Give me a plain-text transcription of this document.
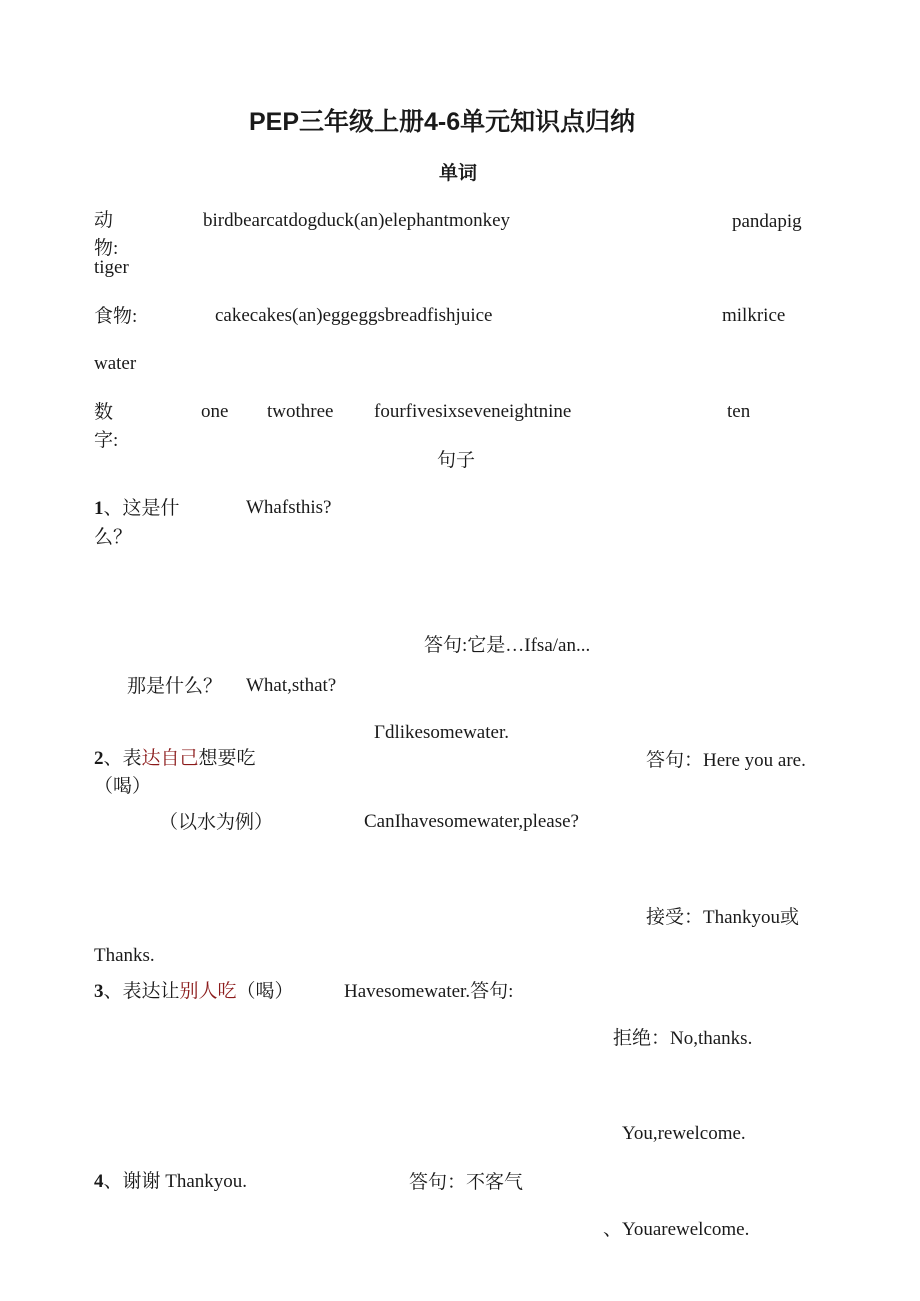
PEP三年级上册4-6单元知识点归纳
单词
动
物:
birdbearcatdogduck(an)elephantmonkey	pandapig
tiger
食物:	cakecakes(an)eggeggsbreadfishjuice	milkrice
water
数
字:
one twothree fourfivesixseveneightnine	ten
句子
1、这是什
么？
Whafsthis?
答句:它是…Ifsa/an...
那是什么？ What,sthat?
Γdlikesomewater.
2、表达自己想要吃
（喝）
答句：Here you are.
（以水为例）	CanIhavesomewater,please?
接受：Thankyou或
Thanks.
3、表达让别人吃（喝）	Havesomewater.答句:
拒绝：No,thanks.
You,rewelcome.
4、谢谢 Thankyou.	答句：不客气
、Youarewelcome.
